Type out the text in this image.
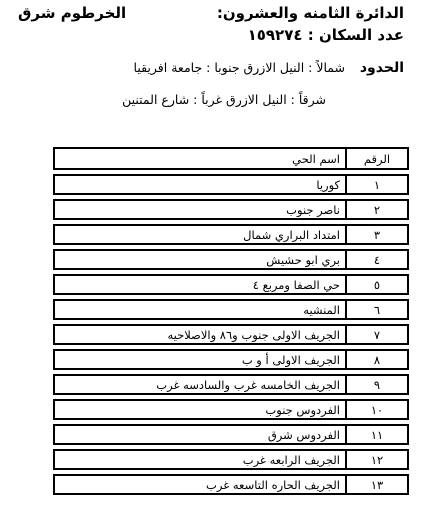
الدائرة الثامنه والعشرون:
الخرطوم شرق
عدد السكان : ١٥٩٢٧٤
الحدود شمالاً : النيل الازرق جنوبا : جامعة افريقيا
شرقاً : النيل الازرق غرباً : شارع المتنين
الرقم	اسم الحي
١	كوريا
٢	ناصر جنوب
٣	امتداد البراري شمال
٤	بري ابو حشيش
٥	حي الصفا ومربع ٤
٦	المنشيه
٧	الجريف الاولى جنوب و٨٦ والاصلاحيه
٨	الجريف الاولى أ و ب
٩	الجريف الخامسه غرب والسادسه غرب
١٠	الفردوس جنوب
١١	الفردوس شرق
١٢	الجريف الرابعه غرب
١٣	الجريف الحاره التاسعه غرب
